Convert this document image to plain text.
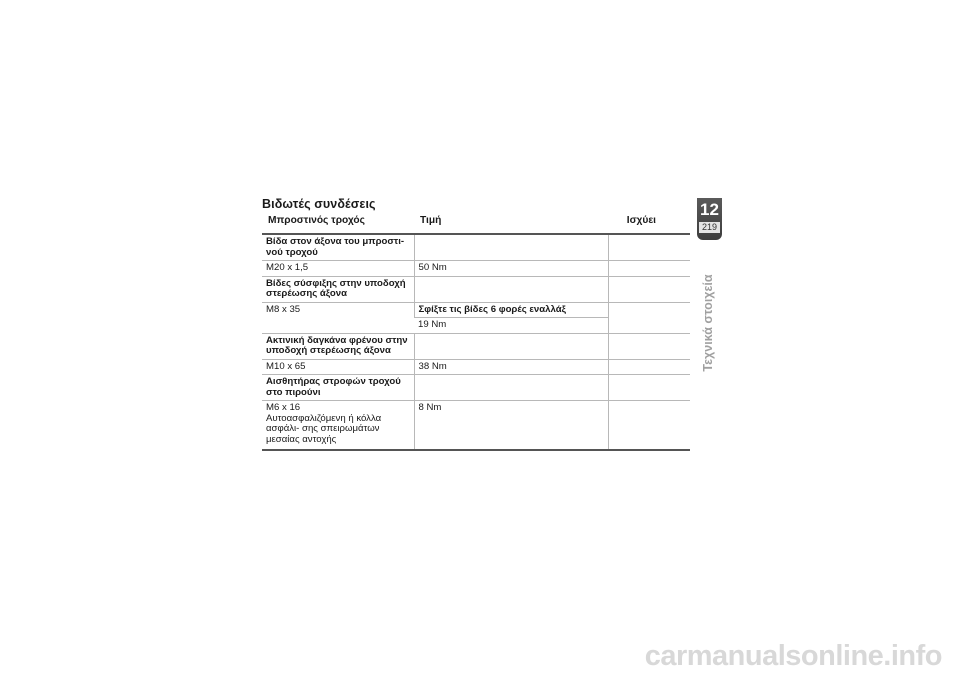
Βιδωτές συνδέσεις
Μπροστινός τροχός	Τιμή	Ισχύει
Βίδα στον άξονα του μπροστι- νού τροχού		
M20 x 1,5	50 Nm	
Βίδες σύσφιξης στην υποδοχή στερέωσης άξονα		
M8 x 35	Σφίξτε τις βίδες 6 φορές εναλλάξ	
	19 Nm	
Ακτινική δαγκάνα φρένου στην υποδοχή στερέωσης άξονα		
M10 x 65	38 Nm	
Αισθητήρας στροφών τροχού στο πιρούνι		

M6 x 16
Αυτοασφαλιζόμενη ή κόλλα ασφάλι- σης σπειρωμάτων μεσαίας αντοχής	8 Nm	
12
219
Τεχνικά στοιχεία
carmanualsonline.info
